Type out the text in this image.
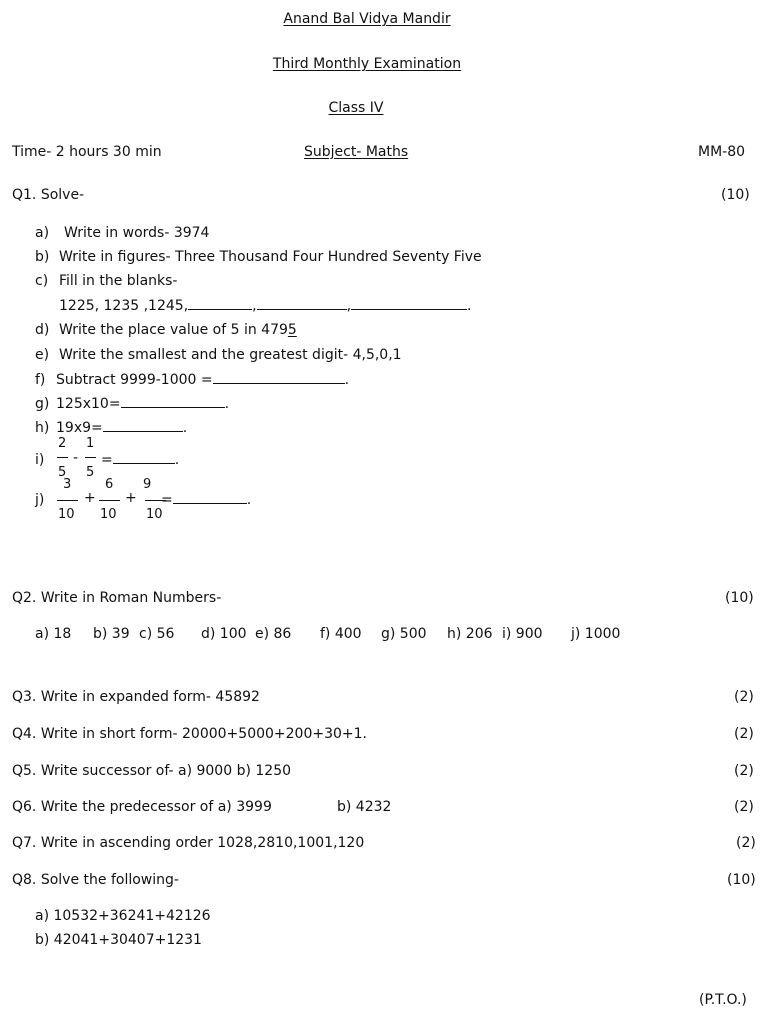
Anand Bal Vidya Mandir
Third Monthly Examination
Class IV
Time- 2 hours 30 min	Subject- Maths	MM-80
Q1. Solve-	(10)
a) Write in words- 3974
b) Write in figures- Three Thousand Four Hundred Seventy Five
c) Fill in the blanks-
1225, 1235 ,1245,	,	,	.
d) Write the place value of 5 in 4795
e) Write the smallest and the greatest digit- 4,5,0,1
f) Subtract 9999-1000 =	.
g) 125x10=	.
h) 19x9=	.
i)
2
5
-
1
5
=	.
j)
3
10
+
6
10
+
9
10
=	.
Q2. Write in Roman Numbers-	(10)
a) 18 b) 39 c) 56 d) 100 e) 86 f) 400 g) 500 h) 206 i) 900 j) 1000
Q3. Write in expanded form- 45892	(2)
Q4. Write in short form- 20000+5000+200+30+1.	(2)
Q5. Write successor of- a) 9000 b) 1250	(2)
Q6. Write the predecessor of a) 3999	b) 4232	(2)
Q7. Write in ascending order 1028,2810,1001,120	(2)
Q8. Solve the following-	(10)
a) 10532+36241+42126
b) 42041+30407+1231
(P.T.O.)
